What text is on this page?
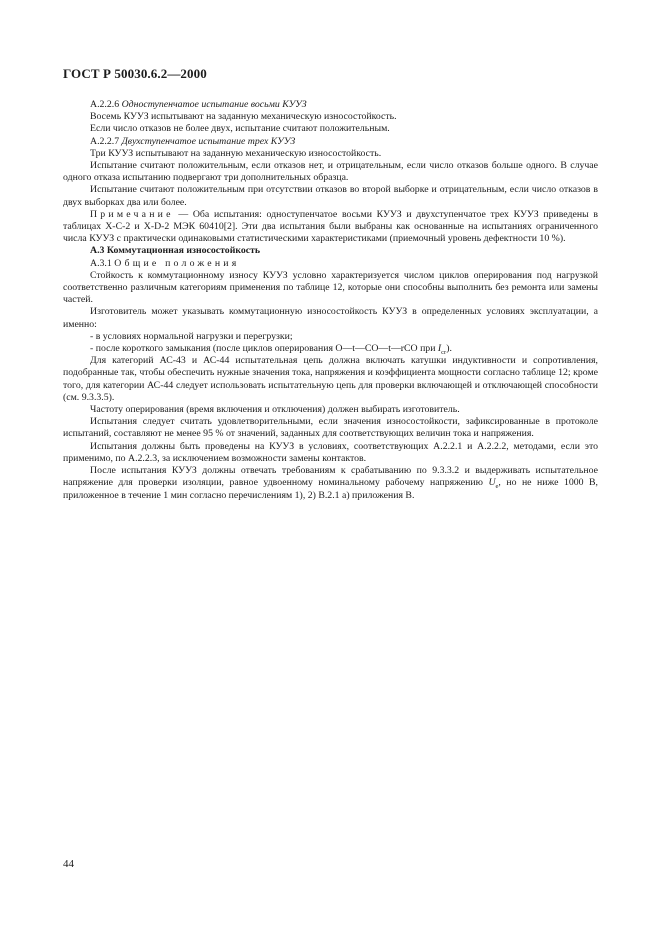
ГОСТ Р 50030.6.2—2000

А.2.2.6 Одноступенчатое испытание восьми КУУЗ

Восемь КУУЗ испытывают на заданную механическую износостойкость.

Если число отказов не более двух, испытание считают положительным.

А.2.2.7 Двухступенчатое испытание трех КУУЗ

Три КУУЗ испытывают на заданную механическую износостойкость.

Испытание считают положительным, если отказов нет, и отрицательным, если число отказов больше одного. В случае одного отказа испытанию подвергают три дополнительных образца.

Испытание считают положительным при отсутствии отказов во второй выборке и отрицательным, если число отказов в двух выборках два или более.

Примечание — Оба испытания: одноступенчатое восьми КУУЗ и двухступенчатое трех КУУЗ приведены в таблицах X-C-2 и X-D-2 МЭК 60410[2]. Эти два испытания были выбраны как основанные на испытаниях ограниченного числа КУУЗ с практически одинаковыми статистическими характеристиками (приемочный уровень дефектности 10 %).

А.3 Коммутационная износостойкость

А.3.1 Общие положения

Стойкость к коммутационному износу КУУЗ условно характеризуется числом циклов оперирования под нагрузкой соответственно различным категориям применения по таблице 12, которые они способны выполнить без ремонта или замены частей.

Изготовитель может указывать коммутационную износостойкость КУУЗ в определенных условиях эксплуатации, а именно:

- в условиях нормальной нагрузки и перегрузки;

- после короткого замыкания (после циклов оперирования О—t—СО—t—rCО при $I_{cr}$).

Для категорий АС-43 и АС-44 испытательная цепь должна включать катушки индуктивности и сопротивления, подобранные так, чтобы обеспечить нужные значения тока, напряжения и коэффициента мощности согласно таблице 12; кроме того, для категории АС-44 следует использовать испытательную цепь для проверки включающей и отключающей способности (см. 9.3.3.5).

Частоту оперирования (время включения и отключения) должен выбирать изготовитель.

Испытания следует считать удовлетворительными, если значения износостойкости, зафиксированные в протоколе испытаний, составляют не менее 95 % от значений, заданных для соответствующих величин тока и напряжения.

Испытания должны быть проведены на КУУЗ в условиях, соответствующих А.2.2.1 и А.2.2.2, методами, если это применимо, по А.2.2.3, за исключением возможности замены контактов.

После испытания КУУЗ должны отвечать требованиям к срабатыванию по 9.3.3.2 и выдерживать испытательное напряжение для проверки изоляции, равное удвоенному номинальному рабочему напряжению $U_e$, но не ниже 1000 В, приложенное в течение 1 мин согласно перечислениям 1), 2) В.2.1 а) приложения В.

44
